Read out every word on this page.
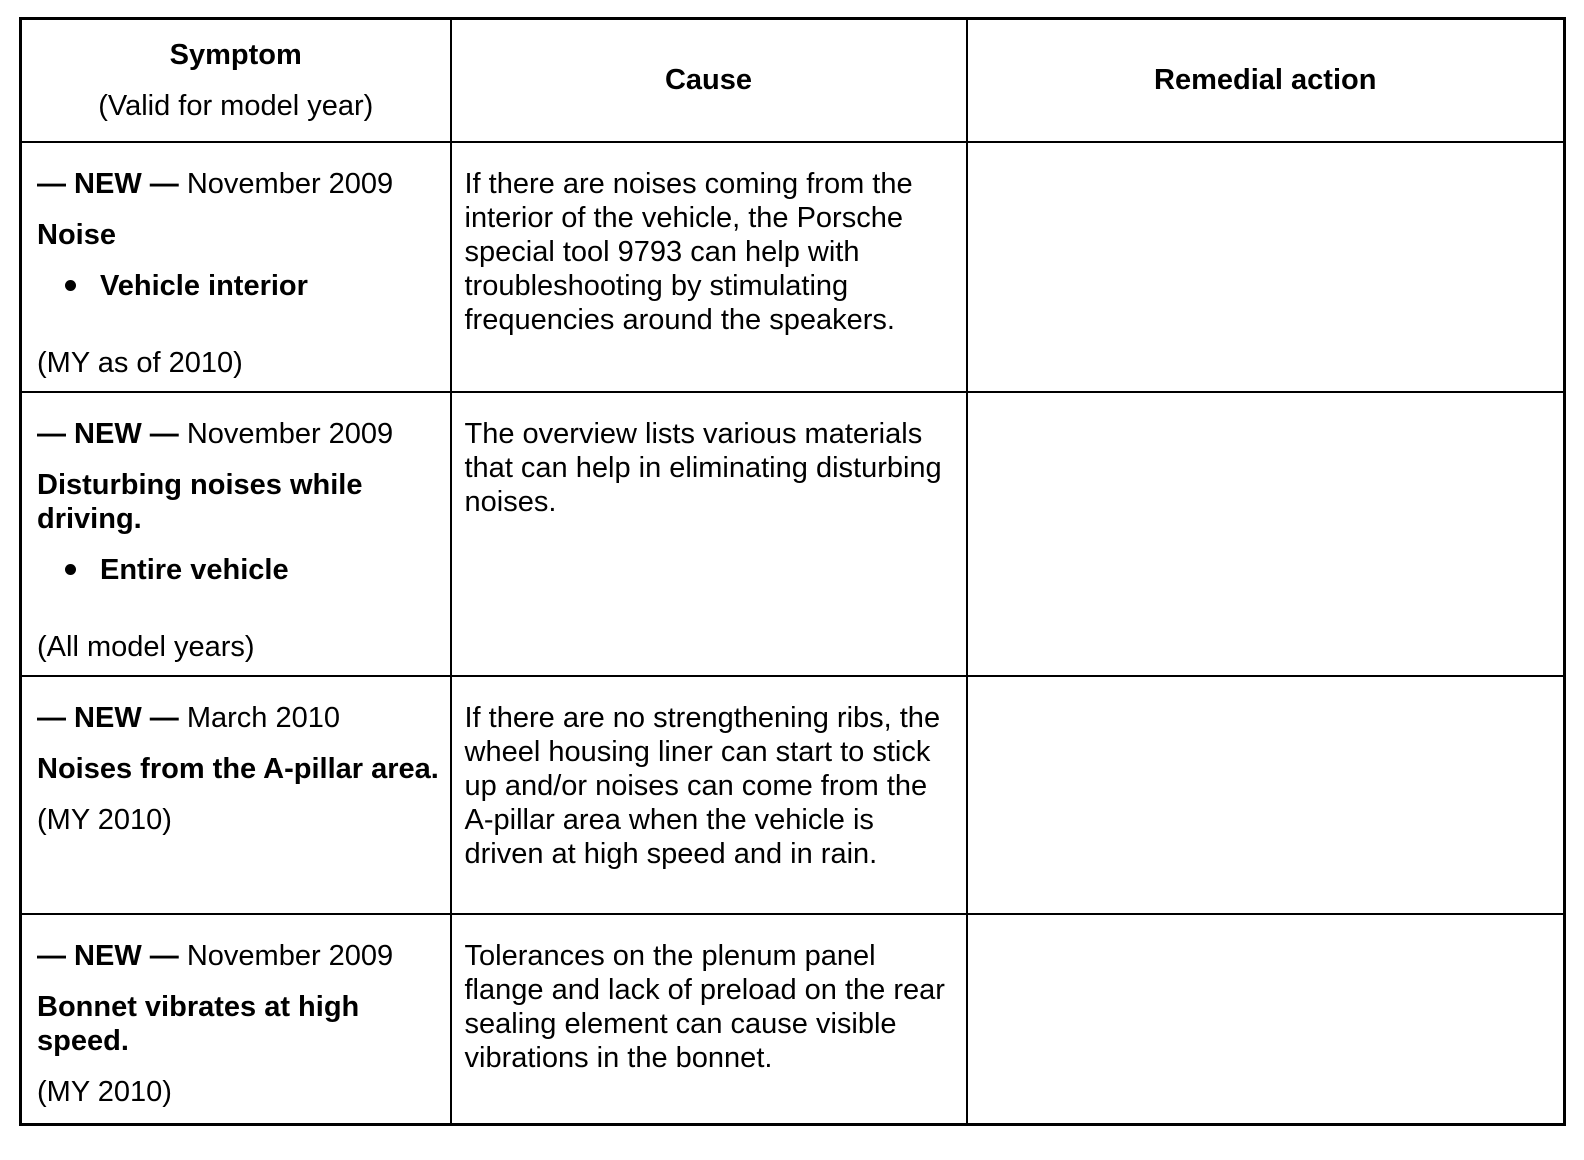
Symptom
(Valid for model year)	Cause	Remedial action

— NEW — November 2009
Noise
Vehicle interior
(MY as of 2010)	If there are noises coming from the interior of the vehicle, the Porsche special tool 9793 can help with troubleshooting by stimulating frequencies around the speakers.	

— NEW — November 2009
Disturbing noises while driving.
Entire vehicle
(All model years)	The overview lists various materials that can help in eliminating disturbing noises.	

— NEW — March 2010
Noises from the A-pillar area.
(MY 2010)	If there are no strengthening ribs, the wheel housing liner can start to stick up and/or noises can come from the A-pillar area when the vehicle is driven at high speed and in rain.	

— NEW — November 2009
Bonnet vibrates at high speed.
(MY 2010)	Tolerances on the plenum panel flange and lack of preload on the rear sealing element can cause visible vibrations in the bonnet.	
